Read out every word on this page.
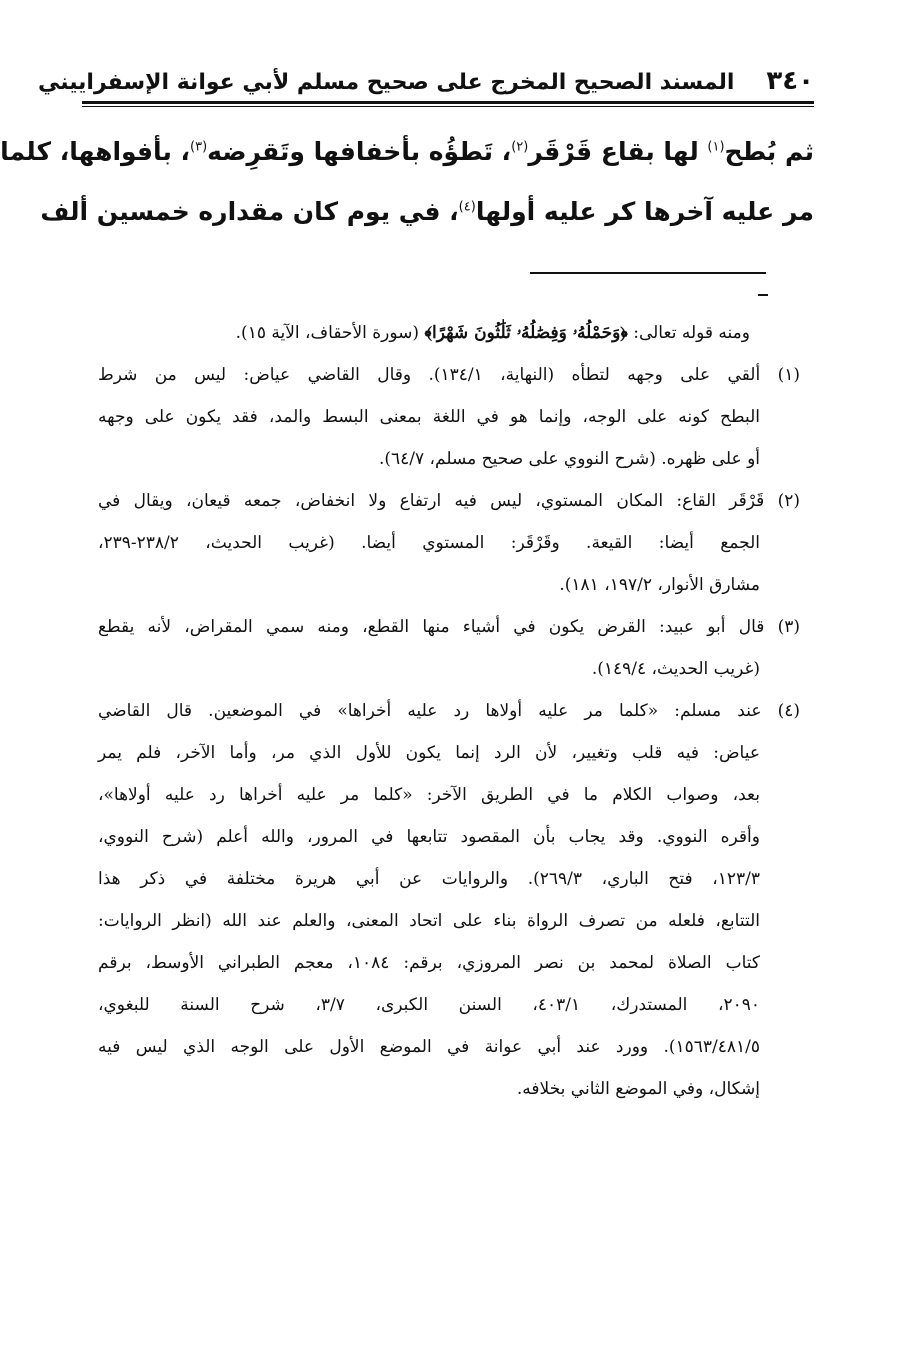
٣٤٠
المسند الصحيح المخرج على صحيح مسلم لأبي عوانة الإسفراييني

ثم بُطح$^{(١)}$ لها بقاع قَرْقَر$^{(٢)}$، تَطؤُه بأخفافها وتَقرِضه$^{(٣)}$، بأفواهها، كلما

مر عليه آخرها كر عليه أولها$^{(٤)}$، في يوم كان مقداره خمسين ألف

ومنه قوله تعالى: ﴿وَحَمْلُهُۥ وَفِصَٰلُهُۥ ثَلَٰثُونَ شَهْرًا﴾ (سورة الأحقاف، الآية ١٥).

(١) ألقي على وجهه لتطأه (النهاية، ١٣٤/١). وقال القاضي عياض: ليس من شرط

البطح كونه على الوجه، وإنما هو في اللغة بمعنى البسط والمد، فقد يكون على وجهه

أو على ظهره. (شرح النووي على صحيح مسلم، ٦٤/٧).

(٢) قَرْقَر القاع: المكان المستوي، ليس فيه ارتفاع ولا انخفاض، جمعه قيعان، ويقال في

الجمع أيضا: القيعة. وقَرْقَر: المستوي أيضا. (غريب الحديث، ٢٣٨/٢-٢٣٩،

مشارق الأنوار، ١٩٧/٢، ١٨١).

(٣) قال أبو عبيد: القرض يكون في أشياء منها القطع، ومنه سمي المقراض، لأنه يقطع

(غريب الحديث، ١٤٩/٤).

(٤) عند مسلم: «كلما مر عليه أولاها رد عليه أخراها» في الموضعين. قال القاضي

عياض: فيه قلب وتغيير، لأن الرد إنما يكون للأول الذي مر، وأما الآخر، فلم يمر

بعد، وصواب الكلام ما في الطريق الآخر: «كلما مر عليه أخراها رد عليه أولاها»،

وأقره النووي. وقد يجاب بأن المقصود تتابعها في المرور، والله أعلم (شرح النووي،

١٢٣/٣، فتح الباري، ٢٦٩/٣). والروايات عن أبي هريرة مختلفة في ذكر هذا

التتابع، فلعله من تصرف الرواة بناء على اتحاد المعنى، والعلم عند الله (انظر الروايات:

كتاب الصلاة لمحمد بن نصر المروزي، برقم: ١٠٨٤، معجم الطبراني الأوسط، برقم

٢٠٩٠، المستدرك، ٤٠٣/١، السنن الكبرى، ٣/٧، شرح السنة للبغوي،

١٥٦٣/٤٨١/٥). وورد عند أبي عوانة في الموضع الأول على الوجه الذي ليس فيه

إشكال، وفي الموضع الثاني بخلافه.
